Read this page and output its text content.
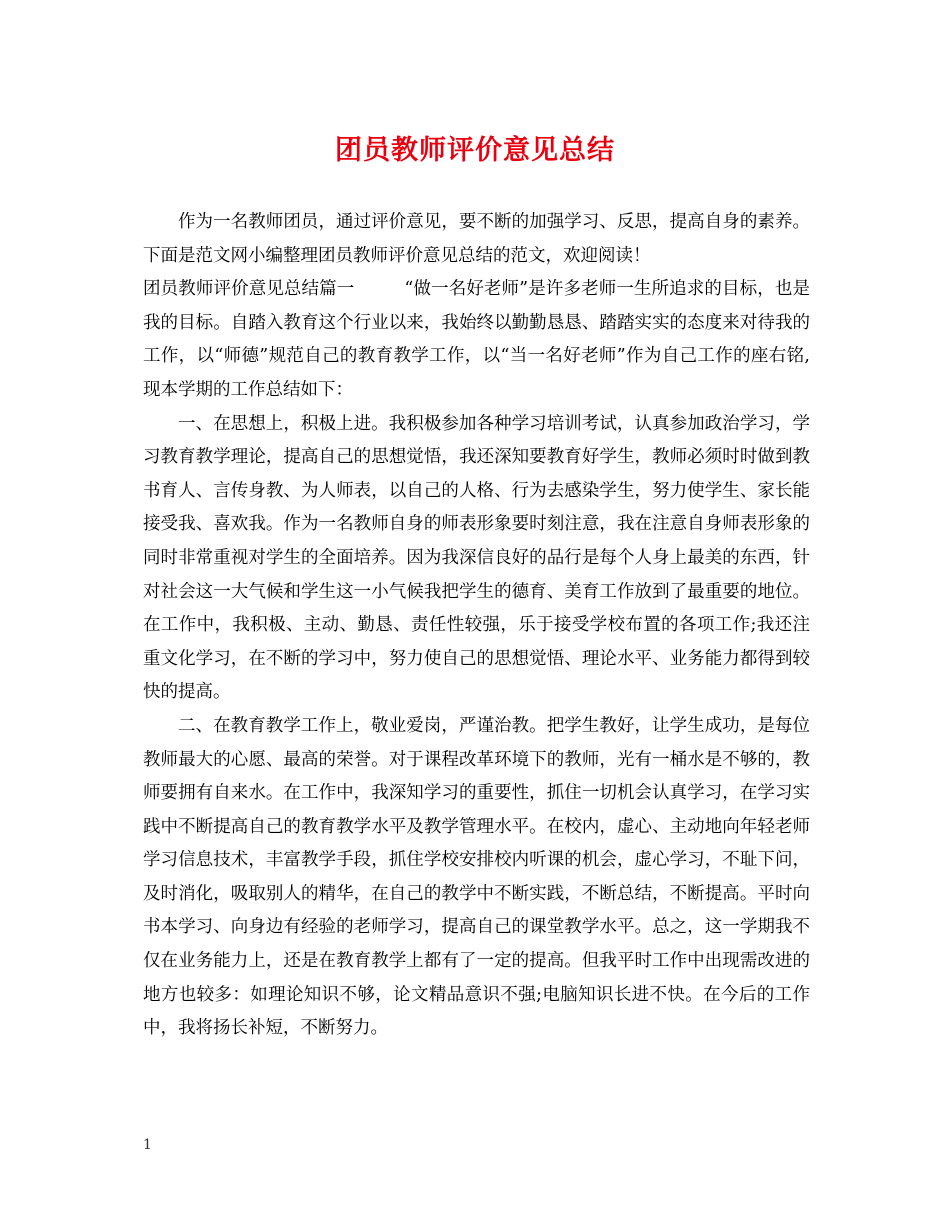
团员教师评价意见总结

作为一名教师团员，通过评价意见，要不断的加强学习、反思，提高自身的素养。下面是范文网小编整理团员教师评价意见总结的范文，欢迎阅读！

团员教师评价意见总结篇一	“做一名好老师”是许多老师一生所追求的目标，也是我的目标。自踏入教育这个行业以来，我始终以勤勤恳恳、踏踏实实的态度来对待我的工作，以“师德”规范自己的教育教学工作，以“当一名好老师”作为自己工作的座右铭,现本学期的工作总结如下：

一、在思想上，积极上进。我积极参加各种学习培训考试，认真参加政治学习，学习教育教学理论，提高自己的思想觉悟，我还深知要教育好学生，教师必须时时做到教书育人、言传身教、为人师表，以自己的人格、行为去感染学生，努力使学生、家长能接受我、喜欢我。作为一名教师自身的师表形象要时刻注意，我在注意自身师表形象的同时非常重视对学生的全面培养。因为我深信良好的品行是每个人身上最美的东西，针对社会这一大气候和学生这一小气候我把学生的德育、美育工作放到了最重要的地位。在工作中，我积极、主动、勤恳、责任性较强，乐于接受学校布置的各项工作;我还注重文化学习，在不断的学习中，努力使自己的思想觉悟、理论水平、业务能力都得到较快的提高。

二、在教育教学工作上，敬业爱岗，严谨治教。把学生教好，让学生成功，是每位教师最大的心愿、最高的荣誉。对于课程改革环境下的教师，光有一桶水是不够的，教师要拥有自来水。在工作中，我深知学习的重要性，抓住一切机会认真学习，在学习实践中不断提高自己的教育教学水平及教学管理水平。在校内，虚心、主动地向年轻老师学习信息技术，丰富教学手段，抓住学校安排校内听课的机会，虚心学习，不耻下问，及时消化，吸取别人的精华，在自己的教学中不断实践，不断总结，不断提高。平时向书本学习、向身边有经验的老师学习，提高自己的课堂教学水平。总之，这一学期我不仅在业务能力上，还是在教育教学上都有了一定的提高。但我平时工作中出现需改进的地方也较多：如理论知识不够，论文精品意识不强;电脑知识长进不快。在今后的工作中，我将扬长补短，不断努力。

1
